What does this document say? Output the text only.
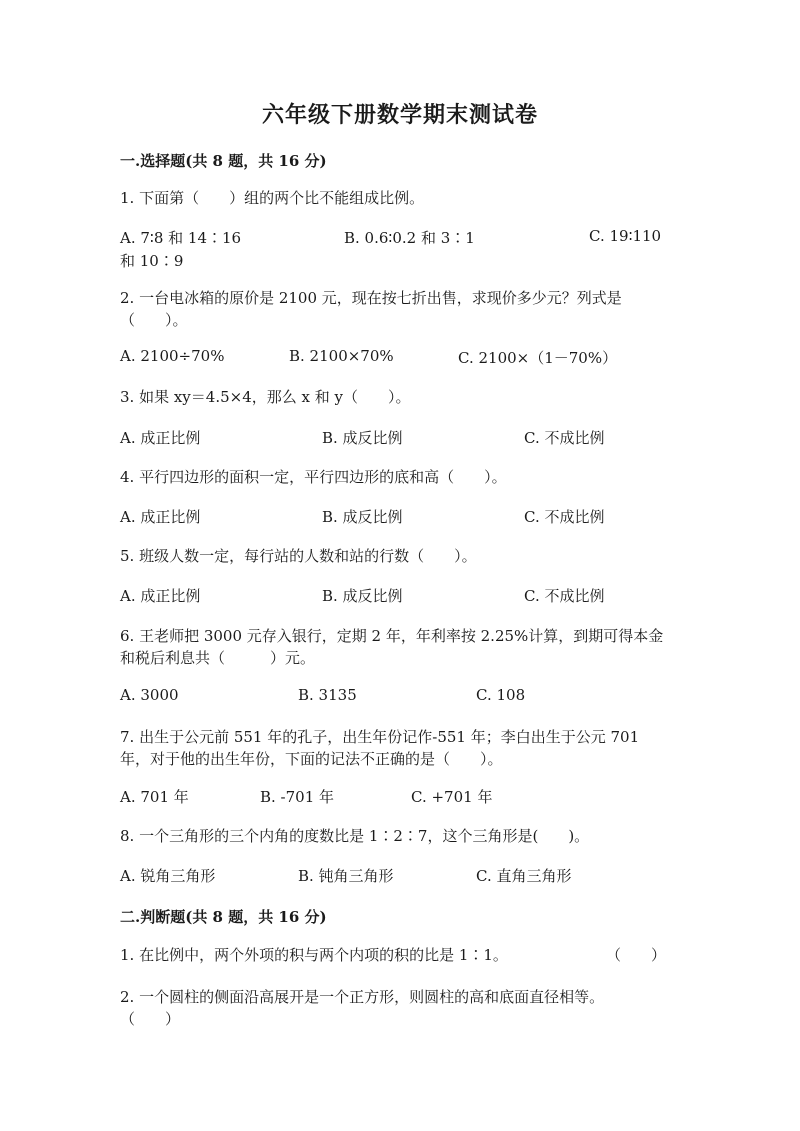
六年级下册数学期末测试卷
一.选择题(共 8 题，共 16 分)
1. 下面第（　　）组的两个比不能组成比例。
A. 7∶8 和 14∶16	B. 0.6∶0.2 和 3∶1	C. 19∶110
和 10∶9
2. 一台电冰箱的原价是 2100 元，现在按七折出售，求现价多少元？列式是
（　　）。
A. 2100÷70%	B. 2100×70%	C. 2100×（1－70%）
3. 如果 xy＝4.5×4，那么 x 和 y（　　）。
A. 成正比例	B. 成反比例	C. 不成比例
4. 平行四边形的面积一定，平行四边形的底和高（　　）。
A. 成正比例	B. 成反比例	C. 不成比例
5. 班级人数一定，每行站的人数和站的行数（　　）。
A. 成正比例	B. 成反比例	C. 不成比例
6. 王老师把 3000 元存入银行，定期 2 年，年利率按 2.25%计算，到期可得本金
和税后利息共（　　　）元。
A. 3000	B. 3135	C. 108
7. 出生于公元前 551 年的孔子，出生年份记作-551 年；李白出生于公元 701
年，对于他的出生年份，下面的记法不正确的是（　　）。
A. 701 年	B. -701 年	C. +701 年
8. 一个三角形的三个内角的度数比是 1∶2∶7，这个三角形是(　　)。
A. 锐角三角形	B. 钝角三角形	C. 直角三角形
二.判断题(共 8 题，共 16 分)
1. 在比例中，两个外项的积与两个内项的积的比是 1∶1。	（　　）
2. 一个圆柱的侧面沿高展开是一个正方形，则圆柱的高和底面直径相等。
（　　）
